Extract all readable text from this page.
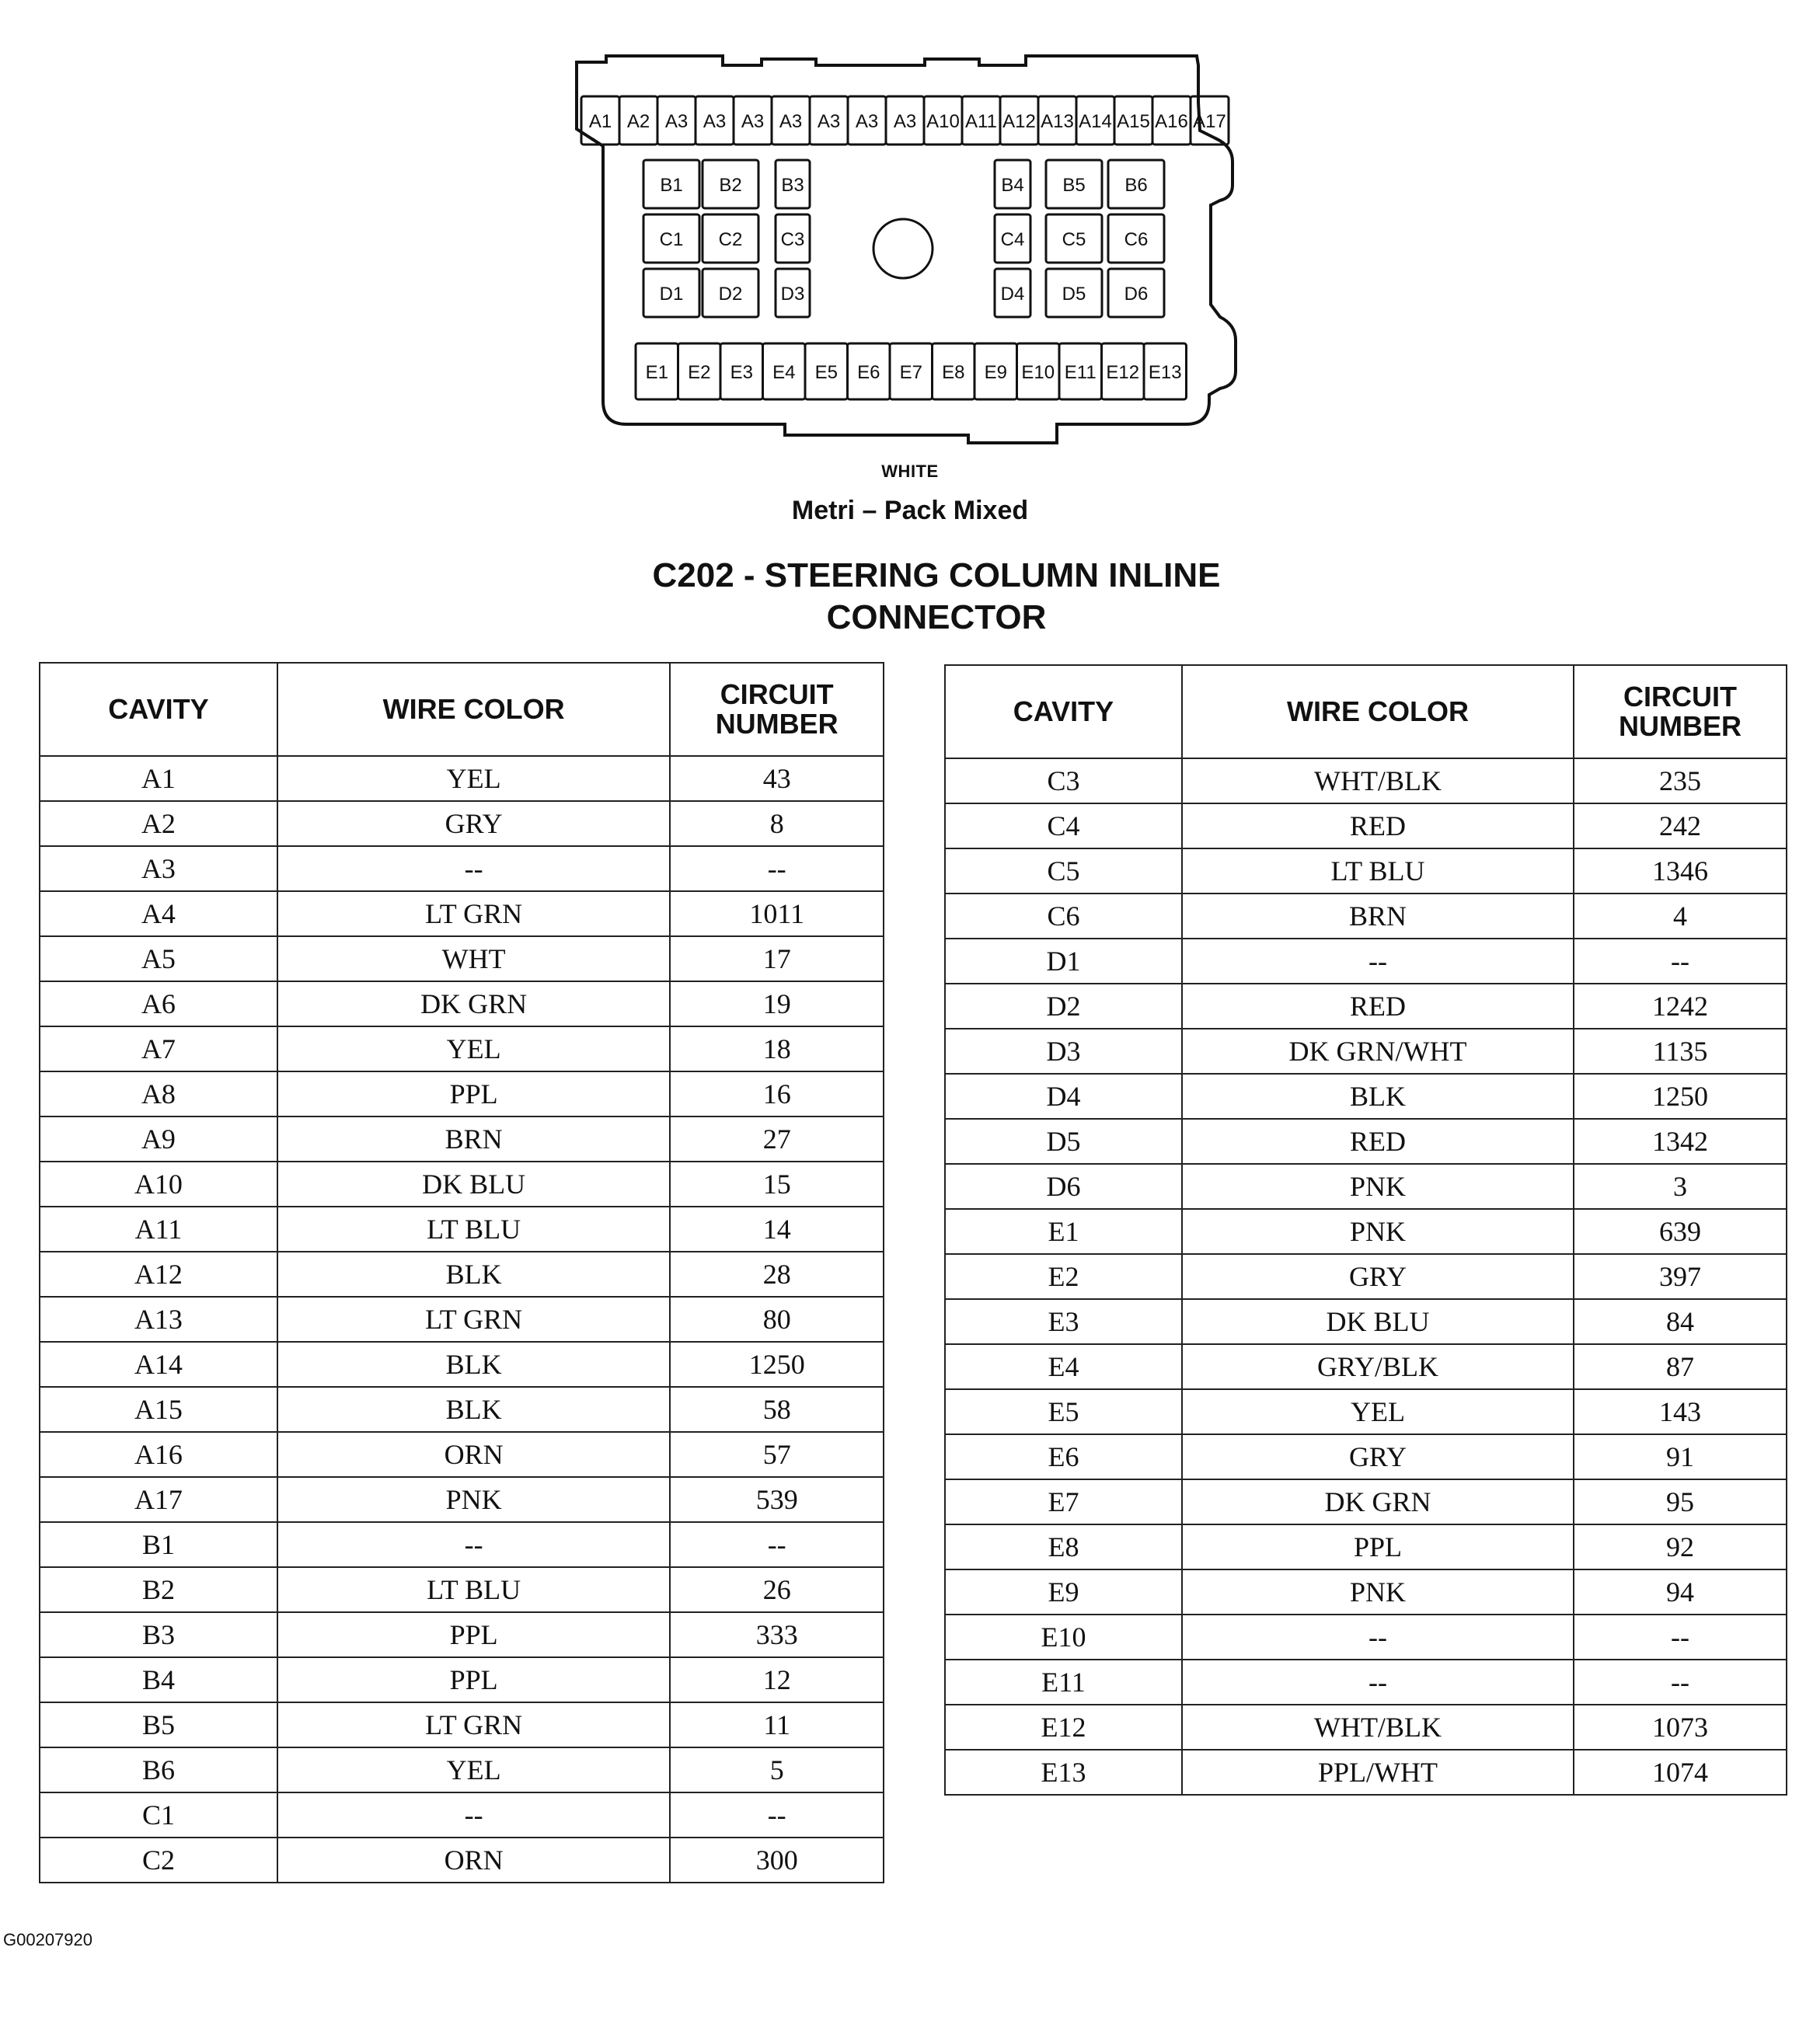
A1 A2 A3 A3 A3 A3 A3 A3 A3 A10 A11 A12 A13 A14 A15 A16 A17
B1 B2 B3
C1 C2 C3
D1 D2 D3
B4 B5 B6
C4 C5 C6
D4 D5 D6
E1 E2 E3 E4 E5 E6 E7 E8 E9 E10 E11 E12 E13
WHITE
Metri – Pack Mixed
C202 - STEERING COLUMN INLINE
CONNECTOR
CAVITY	WIRE COLOR	CIRCUIT
NUMBER

A1	YEL	43
A2	GRY	8
A3	--	--
A4	LT GRN	1011
A5	WHT	17
A6	DK GRN	19
A7	YEL	18
A8	PPL	16
A9	BRN	27
A10	DK BLU	15
A11	LT BLU	14
A12	BLK	28
A13	LT GRN	80
A14	BLK	1250
A15	BLK	58
A16	ORN	57
A17	PNK	539
B1	--	--
B2	LT BLU	26
B3	PPL	333
B4	PPL	12
B5	LT GRN	11
B6	YEL	5
C1	--	--
C2	ORN	300
CAVITY	WIRE COLOR	CIRCUIT
NUMBER

C3	WHT/BLK	235
C4	RED	242
C5	LT BLU	1346
C6	BRN	4
D1	--	--
D2	RED	1242
D3	DK GRN/WHT	1135
D4	BLK	1250
D5	RED	1342
D6	PNK	3
E1	PNK	639
E2	GRY	397
E3	DK BLU	84
E4	GRY/BLK	87
E5	YEL	143
E6	GRY	91
E7	DK GRN	95
E8	PPL	92
E9	PNK	94
E10	--	--
E11	--	--
E12	WHT/BLK	1073
E13	PPL/WHT	1074
G00207920
